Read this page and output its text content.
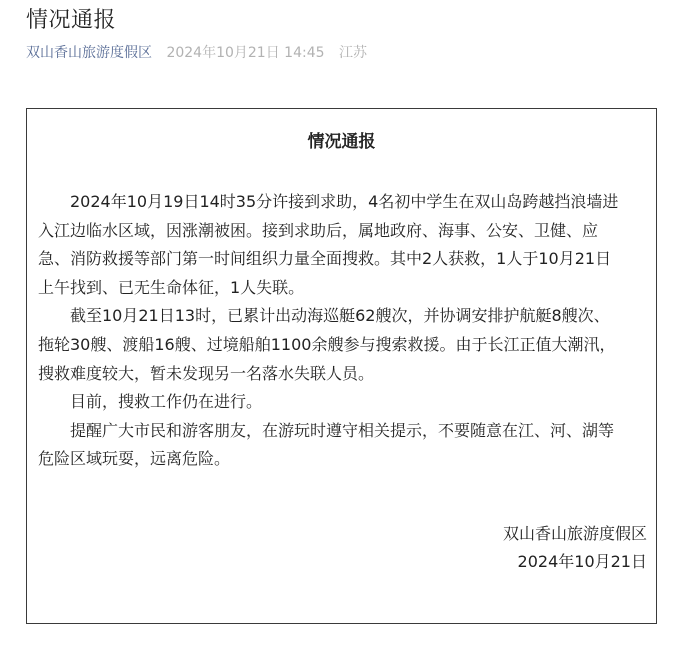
情况通报
双山香山旅游度假区 2024年10月21日 14:45 江苏
情况通报

2024年10月19日14时35分许接到求助，4名初中学生在双山岛跨越挡浪墙进
入江边临水区域，因涨潮被困。接到求助后，属地政府、海事、公安、卫健、应
急、消防救援等部门第一时间组织力量全面搜救。其中2人获救，1人于10月21日
上午找到、已无生命体征，1人失联。

截至10月21日13时，已累计出动海巡艇62艘次，并协调安排护航艇8艘次、
拖轮30艘、渡船16艘、过境船舶1100余艘参与搜索救援。由于长江正值大潮汛，
搜救难度较大，暂未发现另一名落水失联人员。

目前，搜救工作仍在进行。

提醒广大市民和游客朋友，在游玩时遵守相关提示，不要随意在江、河、湖等
危险区域玩耍，远离危险。

双山香山旅游度假区
2024年10月21日
